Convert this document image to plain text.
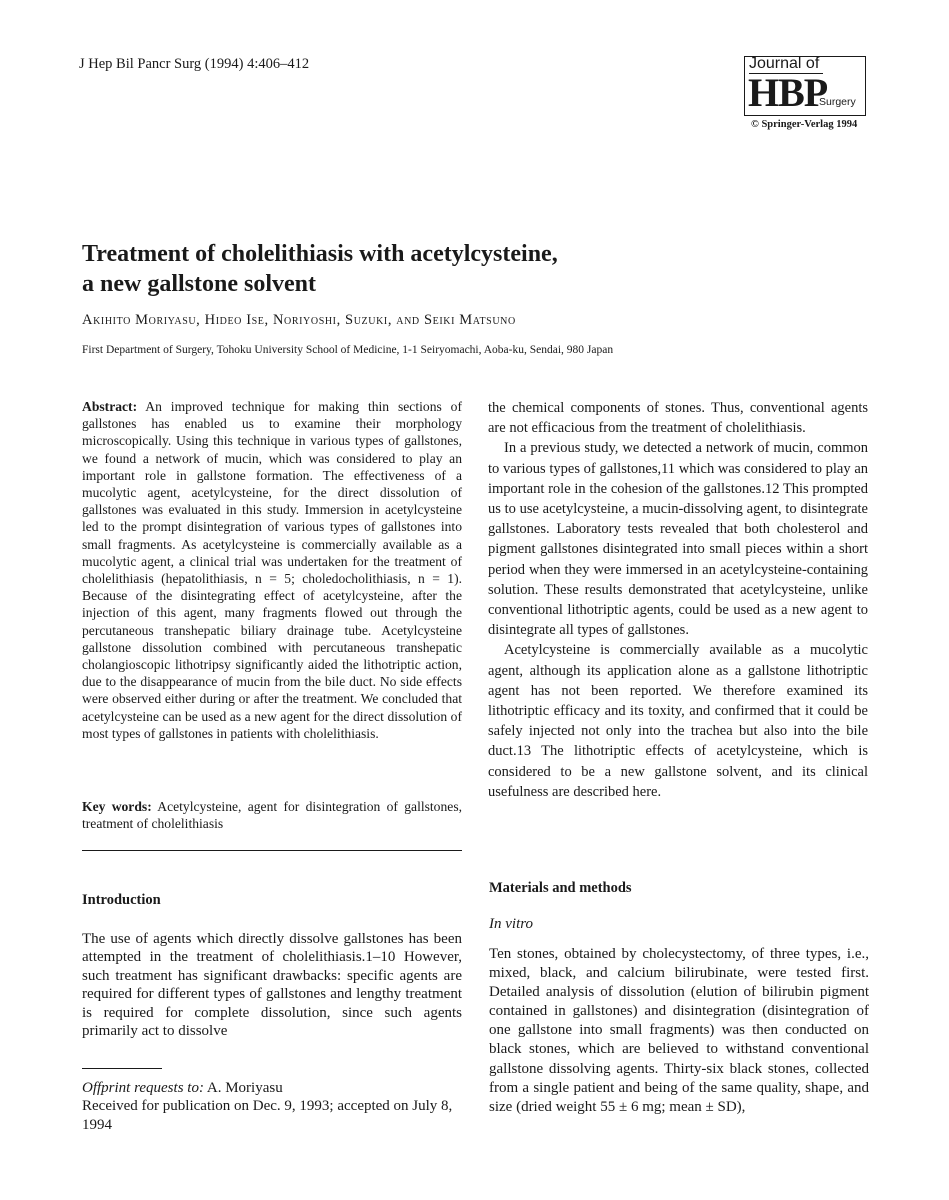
J Hep Bil Pancr Surg (1994) 4:406–412	Journal of
HBP
Surgery
© Springer-Verlag 1994
Treatment of cholelithiasis with acetylcysteine,
a new gallstone solvent
Akihito Moriyasu, Hideo Ise, Noriyoshi, Suzuki, and Seiki Matsuno
First Department of Surgery, Tohoku University School of Medicine, 1-1 Seiryomachi, Aoba-ku, Sendai, 980 Japan
Abstract: An improved technique for making thin sections of gallstones has enabled us to examine their morphology microscopically. Using this technique in various types of gallstones, we found a network of mucin, which was considered to play an important role in gallstone formation. The effectiveness of a mucolytic agent, acetylcysteine, for the direct dissolution of gallstones was evaluated in this study. Immersion in acetylcysteine led to the prompt disintegration of various types of gallstones into small fragments. As acetylcysteine is commercially available as a mucolytic agent, a clinical trial was undertaken for the treatment of cholelithiasis (hepatolithiasis, n = 5; choledocholithiasis, n = 1). Because of the disintegrating effect of acetylcysteine, after the injection of this agent, many fragments flowed out through the percutaneous transhepatic biliary drainage tube. Acetylcysteine gallstone dissolution combined with percutaneous transhepatic cholangioscopic lithotripsy significantly aided the lithotriptic action, due to the disappearance of mucin from the bile duct. No side effects were observed either during or after the treatment. We concluded that acetylcysteine can be used as a new agent for the direct dissolution of most types of gallstones in patients with cholelithiasis.
Key words: Acetylcysteine, agent for disintegration of gallstones, treatment of cholelithiasis
Introduction
The use of agents which directly dissolve gallstones has been attempted in the treatment of cholelithiasis.1–10 However, such treatment has significant drawbacks: specific agents are required for different types of gallstones and lengthy treatment is required for complete dissolution, since such agents primarily act to dissolve
Offprint requests to: A. Moriyasu
Received for publication on Dec. 9, 1993; accepted on July 8, 1994

the chemical components of stones. Thus, conventional agents are not efficacious from the treatment of cholelithiasis.

In a previous study, we detected a network of mucin, common to various types of gallstones,11 which was considered to play an important role in the cohesion of the gallstones.12 This prompted us to use acetylcysteine, a mucin-dissolving agent, to disintegrate gallstones. Laboratory tests revealed that both cholesterol and pigment gallstones disintegrated into small pieces within a short period when they were immersed in an acetylcysteine-containing solution. These results demonstrated that acetylcysteine, unlike conventional lithotriptic agents, could be used as a new agent to disintegrate all types of gallstones.

Acetylcysteine is commercially available as a mucolytic agent, although its application alone as a gallstone lithotriptic agent has not been reported. We therefore examined its lithotriptic efficacy and its toxity, and confirmed that it could be safely injected not only into the trachea but also into the bile duct.13 The lithotriptic effects of acetylcysteine, which is considered to be a new gallstone solvent, and its clinical usefulness are described here.

Materials and methods
In vitro
Ten stones, obtained by cholecystectomy, of three types, i.e., mixed, black, and calcium bilirubinate, were tested first. Detailed analysis of dissolution (elution of bilirubin pigment contained in gallstones) and disintegration (disintegration of one gallstone into small fragments) was then conducted on black stones, which are believed to withstand conventional gallstone dissolving agents. Thirty-six black stones, collected from a single patient and being of the same quality, shape, and size (dried weight 55 ± 6 mg; mean ± SD),
